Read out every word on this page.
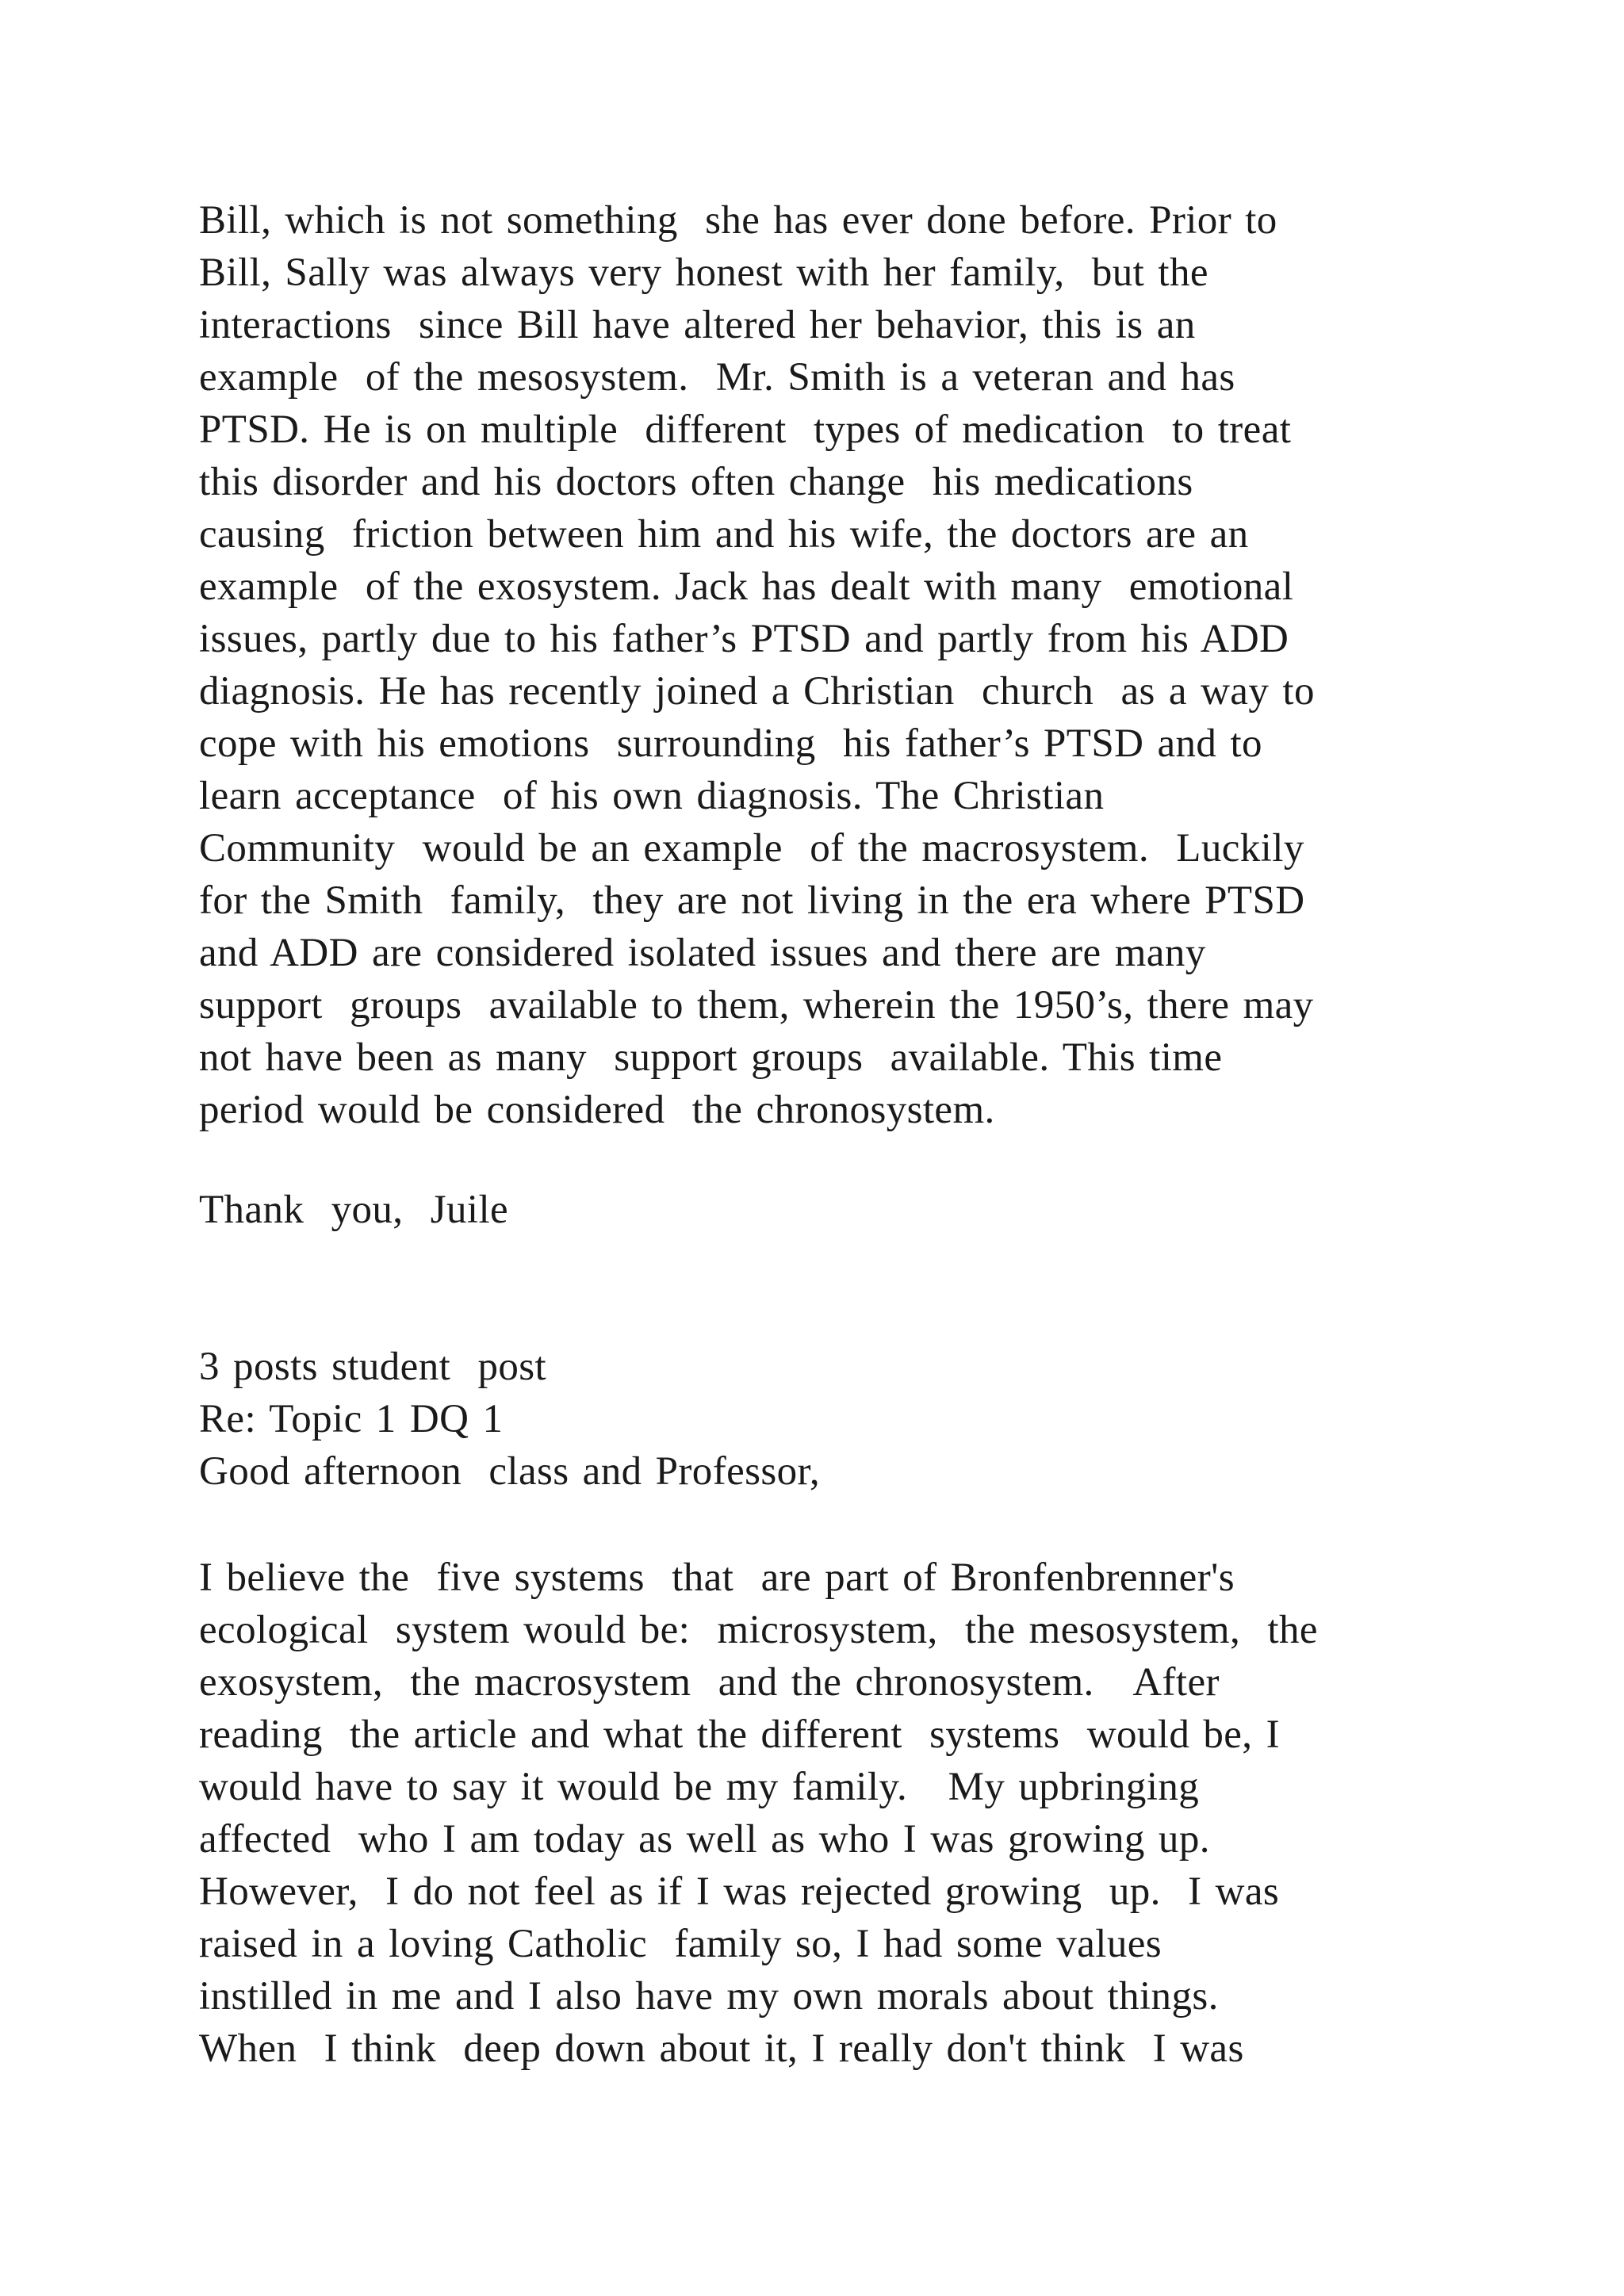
Bill, which is not something  she has ever done before. Prior to
Bill, Sally was always very honest with her family,  but the
interactions  since Bill have altered her behavior, this is an
example  of the mesosystem.  Mr. Smith is a veteran and has
PTSD. He is on multiple  different  types of medication  to treat
this disorder and his doctors often change  his medications
causing  friction between him and his wife, the doctors are an
example  of the exosystem. Jack has dealt with many  emotional
issues, partly due to his father’s PTSD and partly from his ADD
diagnosis. He has recently joined a Christian  church  as a way to
cope with his emotions  surrounding  his father’s PTSD and to
learn acceptance  of his own diagnosis. The Christian
Community  would be an example  of the macrosystem.  Luckily
for the Smith  family,  they are not living in the era where PTSD
and ADD are considered isolated issues and there are many
support  groups  available to them, wherein the 1950’s, there may
not have been as many  support groups  available. This time
period would be considered  the chronosystem.
Thank  you,  Juile
3 posts student  post
Re: Topic 1 DQ 1
Good afternoon  class and Professor,
I believe the  five systems  that  are part of Bronfenbrenner's
ecological  system would be:  microsystem,  the mesosystem,  the
exosystem,  the macrosystem  and the chronosystem.   After
reading  the article and what the different  systems  would be, I
would have to say it would be my family.   My upbringing
affected  who I am today as well as who I was growing up.
However,  I do not feel as if I was rejected growing  up.  I was
raised in a loving Catholic  family so, I had some values
instilled in me and I also have my own morals about things.
When  I think  deep down about it, I really don't think  I was
